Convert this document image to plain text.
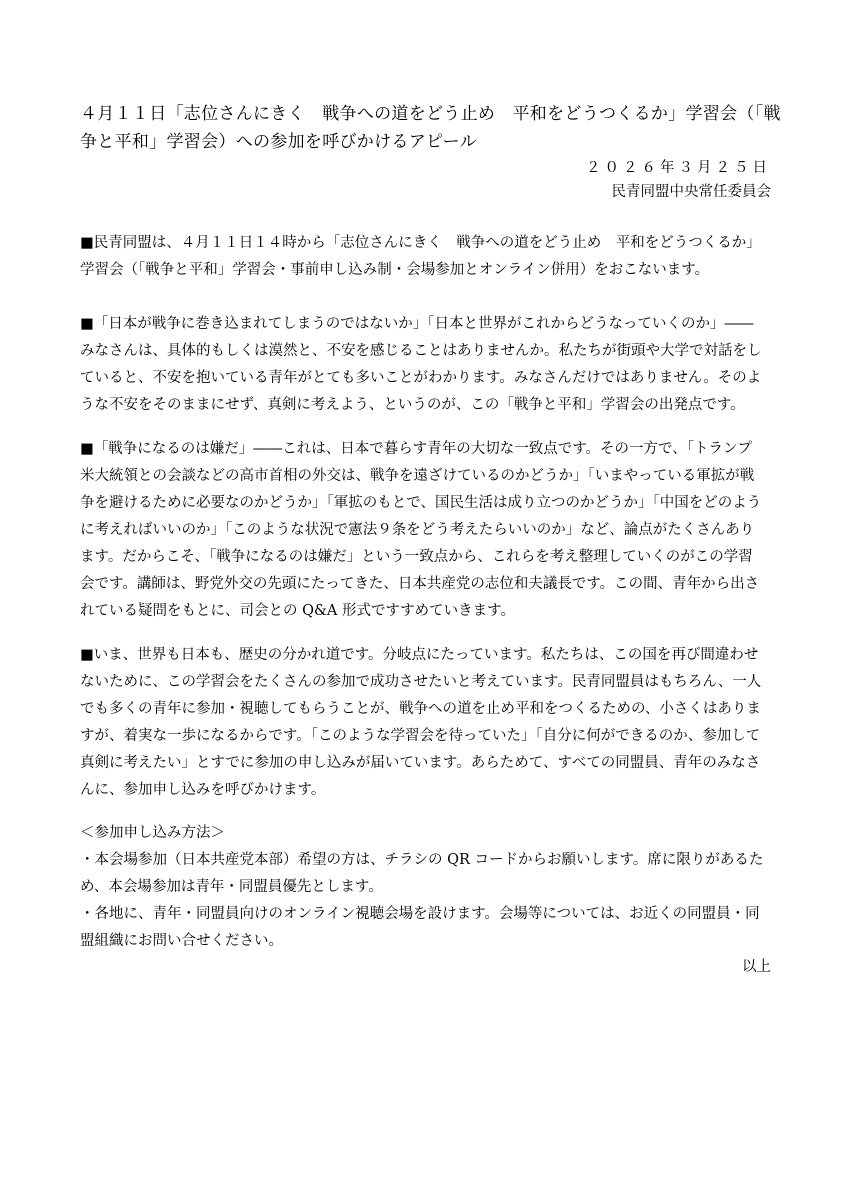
４月１１日「志位さんにきく　戦争への道をどう止め　平和をどうつくるか」学習会（「戦
争と平和」学習会）への参加を呼びかけるアピール
２０２６年３月２５日
民青同盟中央常任委員会

■民青同盟は、４月１１日１４時から「志位さんにきく　戦争への道をどう止め　平和をどうつくるか」
学習会（「戦争と平和」学習会・事前申し込み制・会場参加とオンライン併用）をおこないます。

■「日本が戦争に巻き込まれてしまうのではないか」「日本と世界がこれからどうなっていくのか」――
みなさんは、具体的もしくは漠然と、不安を感じることはありませんか。私たちが街頭や大学で対話をし
ていると、不安を抱いている青年がとても多いことがわかります。みなさんだけではありません。そのよ
うな不安をそのままにせず、真剣に考えよう、というのが、この「戦争と平和」学習会の出発点です。

■「戦争になるのは嫌だ」――これは、日本で暮らす青年の大切な一致点です。その一方で、「トランプ
米大統領との会談などの高市首相の外交は、戦争を遠ざけているのかどうか」「いまやっている軍拡が戦
争を避けるために必要なのかどうか」「軍拡のもとで、国民生活は成り立つのかどうか」「中国をどのよう
に考えればいいのか」「このような状況で憲法９条をどう考えたらいいのか」など、論点がたくさんあり
ます。だからこそ、「戦争になるのは嫌だ」という一致点から、これらを考え整理していくのがこの学習
会です。講師は、野党外交の先頭にたってきた、日本共産党の志位和夫議長です。この間、青年から出さ
れている疑問をもとに、司会との Q&A 形式ですすめていきます。

■いま、世界も日本も、歴史の分かれ道です。分岐点にたっています。私たちは、この国を再び間違わせ
ないために、この学習会をたくさんの参加で成功させたいと考えています。民青同盟員はもちろん、一人
でも多くの青年に参加・視聴してもらうことが、戦争への道を止め平和をつくるための、小さくはありま
すが、着実な一歩になるからです。「このような学習会を待っていた」「自分に何ができるのか、参加して
真剣に考えたい」とすでに参加の申し込みが届いています。あらためて、すべての同盟員、青年のみなさ
んに、参加申し込みを呼びかけます。

＜参加申し込み方法＞
・本会場参加（日本共産党本部）希望の方は、チラシの QR コードからお願いします。席に限りがあるた
め、本会場参加は青年・同盟員優先とします。
・各地に、青年・同盟員向けのオンライン視聴会場を設けます。会場等については、お近くの同盟員・同
盟組織にお問い合せください。
以上
